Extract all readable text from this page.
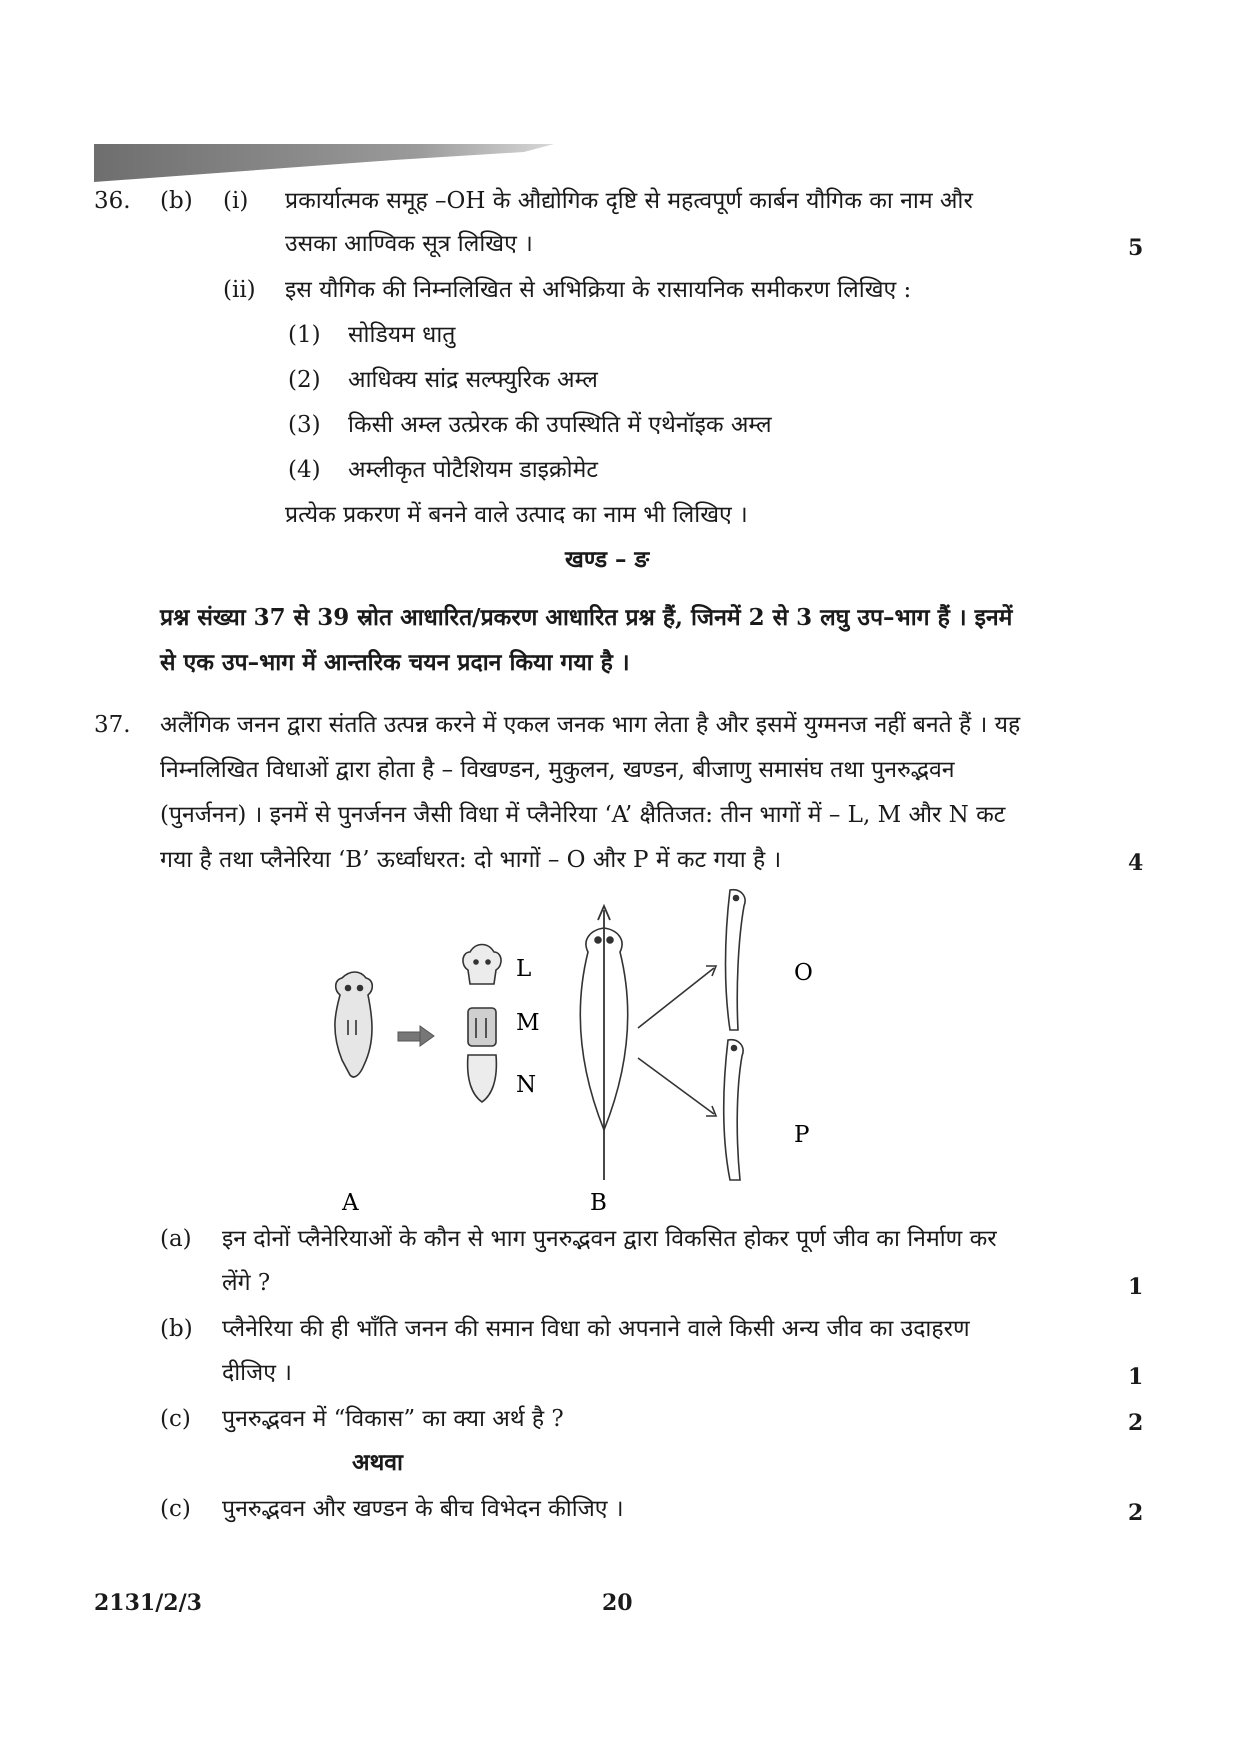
36. (b) (i) प्रकार्यात्मक समूह –OH के औद्योगिक दृष्टि से महत्वपूर्ण कार्बन यौगिक का नाम और
उसका आण्विक सूत्र लिखिए ।	5
(ii) इस यौगिक की निम्नलिखित से अभिक्रिया के रासायनिक समीकरण लिखिए :
(1) सोडियम धातु
(2) आधिक्य सांद्र सल्फ्युरिक अम्ल
(3) किसी अम्ल उत्प्रेरक की उपस्थिति में एथेनॉइक अम्ल
(4) अम्लीकृत पोटैशियम डाइक्रोमेट
प्रत्येक प्रकरण में बनने वाले उत्पाद का नाम भी लिखिए ।
खण्ड – ङ
प्रश्न संख्या 37 से 39 स्रोत आधारित/प्रकरण आधारित प्रश्न हैं, जिनमें 2 से 3 लघु उप–भाग हैं । इनमें
से एक उप–भाग में आन्तरिक चयन प्रदान किया गया है ।
37. अलैंगिक जनन द्वारा संतति उत्पन्न करने में एकल जनक भाग लेता है और इसमें युग्मनज नहीं बनते हैं । यह
निम्नलिखित विधाओं द्वारा होता है – विखण्डन, मुकुलन, खण्डन, बीजाणु समासंघ तथा पुनरुद्भवन
(पुनर्जनन) । इनमें से पुनर्जनन जैसी विधा में प्लैनेरिया ‘A’ क्षैतिजत: तीन भागों में – L, M और N कट
गया है तथा प्लैनेरिया ‘B’ ऊर्ध्वाधरत: दो भागों – O और P में कट गया है ।	4
A	B
L
M
N
O
P
(a) इन दोनों प्लैनेरियाओं के कौन से भाग पुनरुद्भवन द्वारा विकसित होकर पूर्ण जीव का निर्माण कर
लेंगे ?	1
(b) प्लैनेरिया की ही भाँति जनन की समान विधा को अपनाने वाले किसी अन्य जीव का उदाहरण
दीजिए ।	1
(c) पुनरुद्भवन में “विकास” का क्या अर्थ है ?	2
अथवा
(c) पुनरुद्भवन और खण्डन के बीच विभेदन कीजिए ।	2
2131/2/3	20
